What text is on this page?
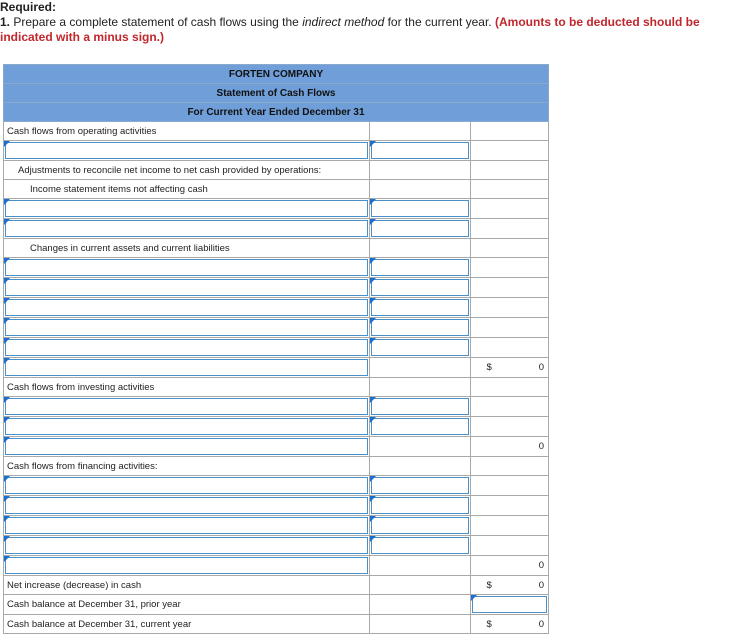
Required:
1. Prepare a complete statement of cash flows using the indirect method for the current year. (Amounts to be deducted should be indicated with a minus sign.)
FORTEN COMPANY		
Statement of Cash Flows		
For Current Year Ended December 31		
Cash flows from operating activities		

Adjustments to reconcile net income to net cash provided by operations:		
Income statement items not affecting cash		

Changes in current assets and current liabilities		

		$ 0

Cash flows from investing activities		

		0

Cash flows from financing activities:		

		0

Net increase (decrease) in cash		$ 0

Cash balance at December 31, prior year		

Cash balance at December 31, current year		$ 0
